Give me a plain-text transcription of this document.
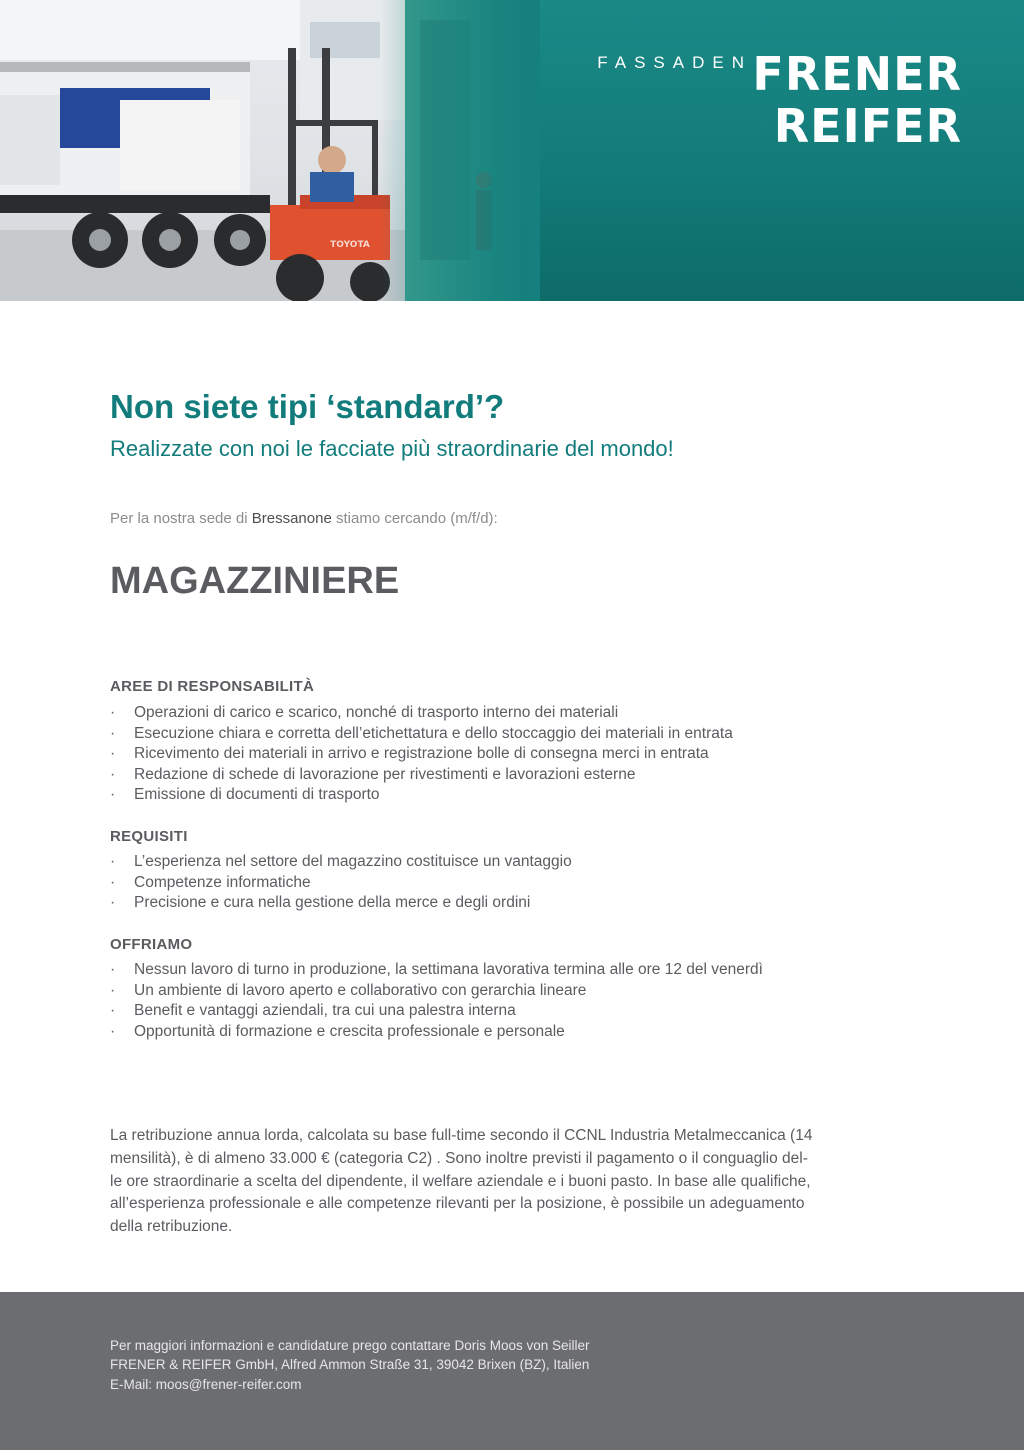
TOYOTA
FASSADEN FRENER
REIFER
Non siete tipi ‘standard’?
Realizzate con noi le facciate più straordinarie del mondo!
Per la nostra sede di Bressanone stiamo cercando (m/f/d):
MAGAZZINIERE
AREE DI RESPONSABILITÀ
· Operazioni di carico e scarico, nonché di trasporto interno dei materiali
· Esecuzione chiara e corretta dell’etichettatura e dello stoccaggio dei materiali in entrata
· Ricevimento dei materiali in arrivo e registrazione bolle di consegna merci in entrata
· Redazione di schede di lavorazione per rivestimenti e lavorazioni esterne
· Emissione di documenti di trasporto
REQUISITI
· L’esperienza nel settore del magazzino costituisce un vantaggio
· Competenze informatiche
· Precisione e cura nella gestione della merce e degli ordini
OFFRIAMO
· Nessun lavoro di turno in produzione, la settimana lavorativa termina alle ore 12 del venerdì
· Un ambiente di lavoro aperto e collaborativo con gerarchia lineare
· Benefit e vantaggi aziendali, tra cui una palestra interna
· Opportunità di formazione e crescita professionale e personale
La retribuzione annua lorda, calcolata su base full-time secondo il CCNL Industria Metalmeccanica (14
mensilità), è di almeno 33.000 € (categoria C2) . Sono inoltre previsti il pagamento o il conguaglio del-
le ore straordinarie a scelta del dipendente, il welfare aziendale e i buoni pasto. In base alle qualifiche,
all’esperienza professionale e alle competenze rilevanti per la posizione, è possibile un adeguamento
della retribuzione.
Per maggiori informazioni e candidature prego contattare Doris Moos von Seiller
FRENER & REIFER GmbH, Alfred Ammon Straße 31, 39042 Brixen (BZ), Italien
E-Mail: moos@frener-reifer.com
